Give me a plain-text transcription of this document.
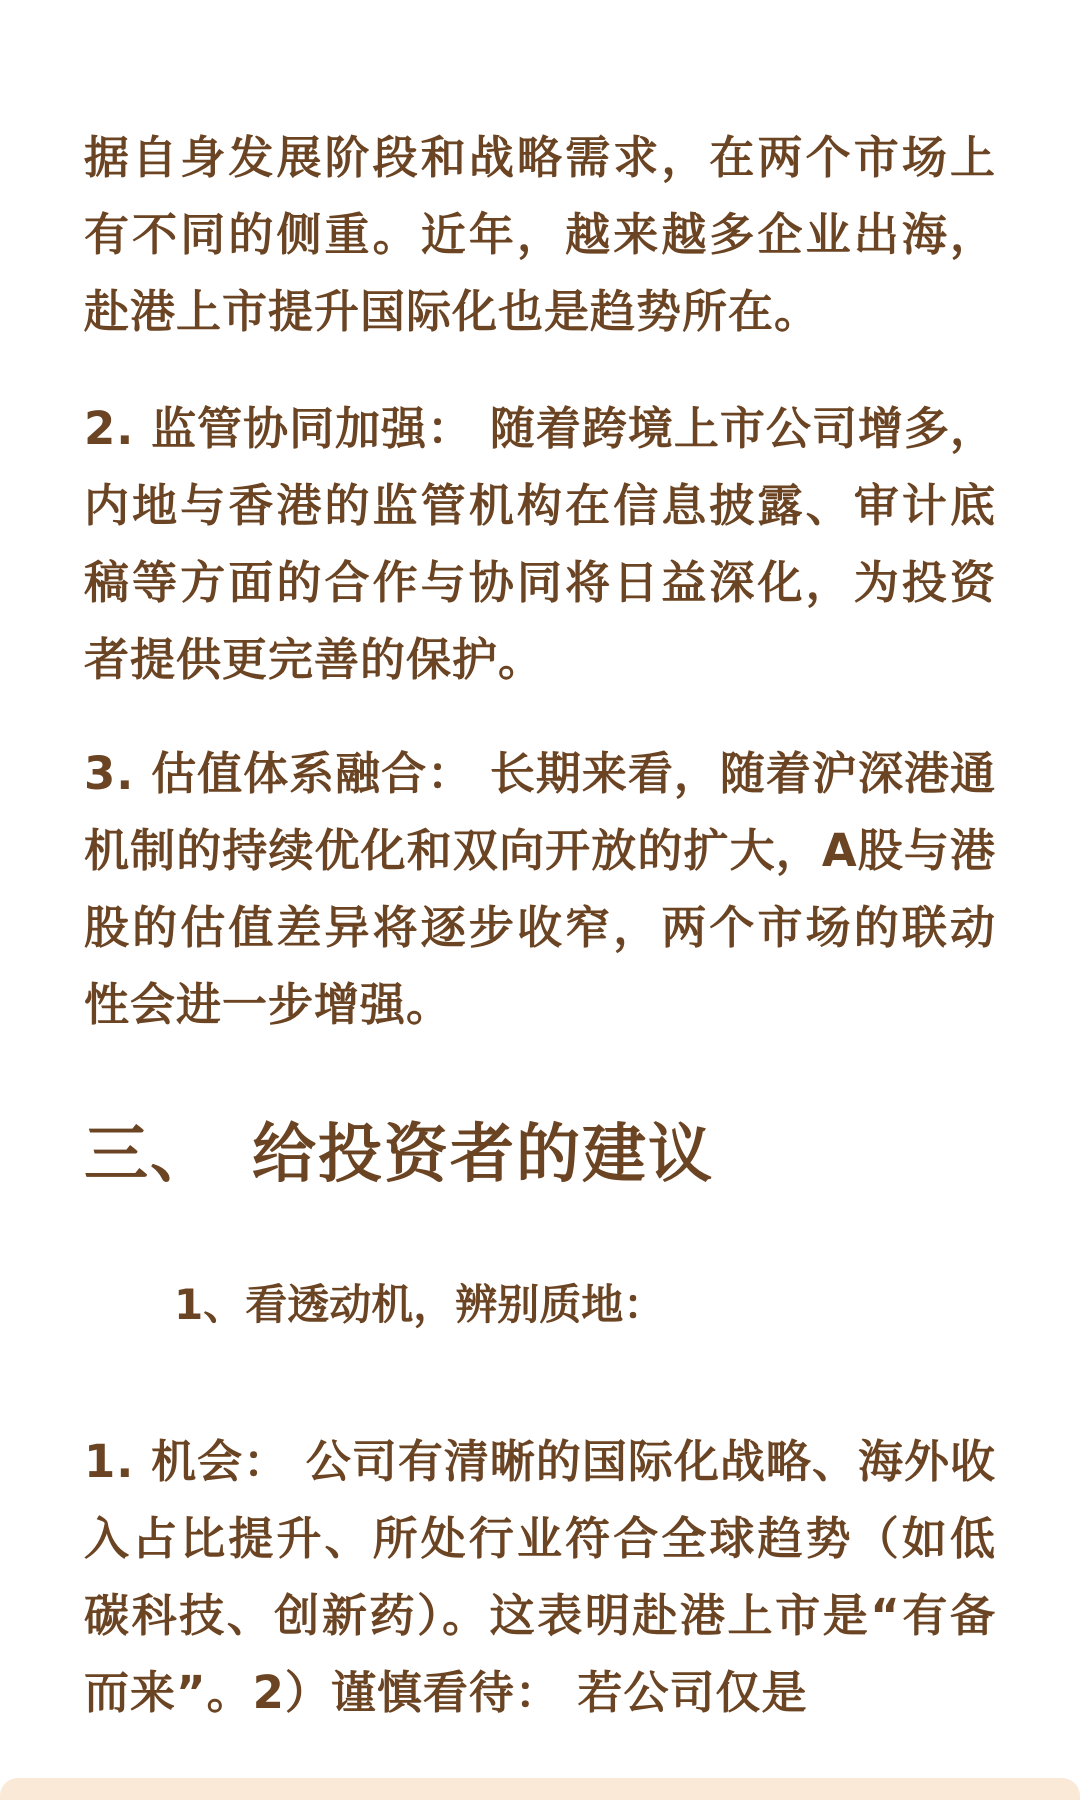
据自身发展阶段和战略需求，在两个市场上有不同的侧重。近年，越来越多企业出海，赴港上市提升国际化也是趋势所在。

2. 监管协同加强： 随着跨境上市公司增多，内地与香港的监管机构在信息披露、审计底稿等方面的合作与协同将日益深化，为投资者提供更完善的保护。

3. 估值体系融合： 长期来看，随着沪深港通机制的持续优化和双向开放的扩大，A股与港股的估值差异将逐步收窄，两个市场的联动性会进一步增强。

三、 给投资者的建议
1、看透动机，辨别质地：

1. 机会： 公司有清晰的国际化战略、海外收入占比提升、所处行业符合全球趋势（如低碳科技、创新药）。这表明赴港上市是“有备而来”。2）谨慎看待： 若公司仅是
